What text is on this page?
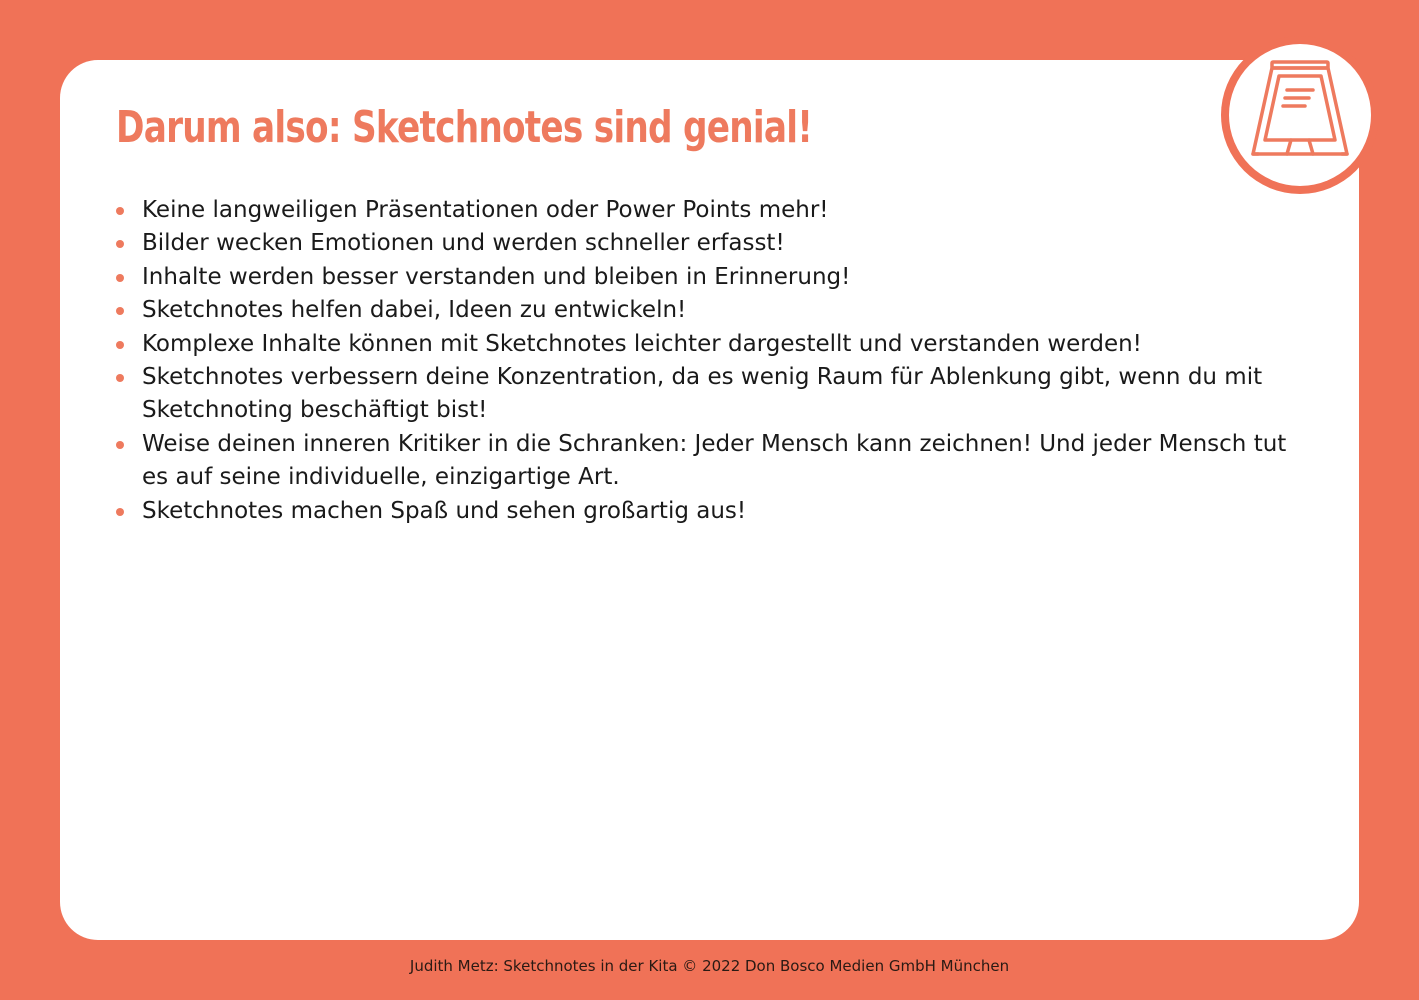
Darum also: Sketchnotes sind genial!
Keine langweiligen Präsentationen oder Power Points mehr!
Bilder wecken Emotionen und werden schneller erfasst!
Inhalte werden besser verstanden und bleiben in Erinnerung!
Sketchnotes helfen dabei, Ideen zu entwickeln!
Komplexe Inhalte können mit Sketchnotes leichter dargestellt und verstanden werden!
Sketchnotes verbessern deine Konzentration, da es wenig Raum für Ablenkung gibt, wenn du mit Sketchnoting beschäftigt bist!
Weise deinen inneren Kritiker in die Schranken: Jeder Mensch kann zeichnen! Und jeder Mensch tut es auf seine individuelle, einzigartige Art.
Sketchnotes machen Spaß und sehen großartig aus!
Judith Metz: Sketchnotes in der Kita © 2022 Don Bosco Medien GmbH München
